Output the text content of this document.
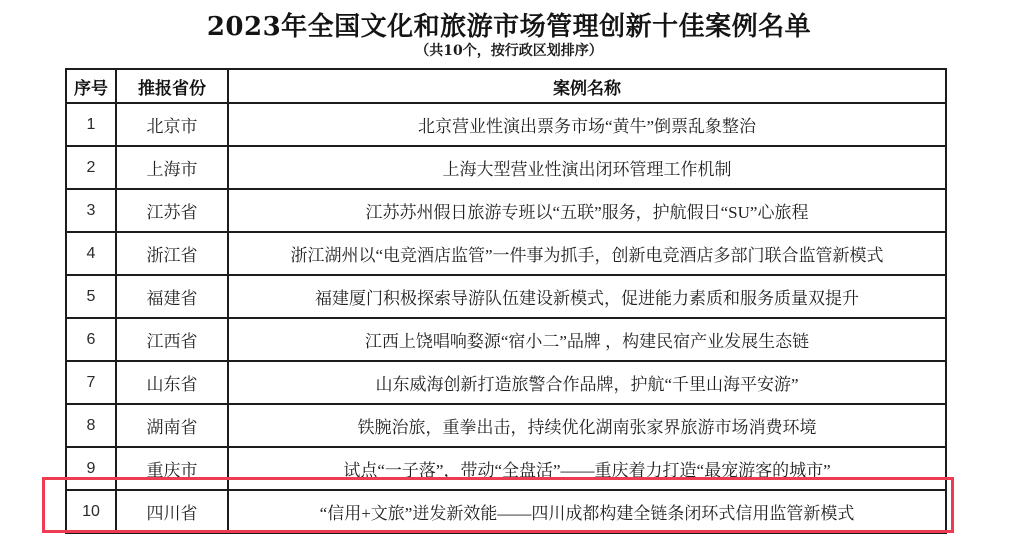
2023年全国文化和旅游市场管理创新十佳案例名单
（共10个，按行政区划排序）
序号	推报省份	案例名称
1	北京市	北京营业性演出票务市场“黄牛”倒票乱象整治
2	上海市	上海大型营业性演出闭环管理工作机制
3	江苏省	江苏苏州假日旅游专班以“五联”服务，护航假日“SU”心旅程
4	浙江省	浙江湖州以“电竞酒店监管”一件事为抓手，创新电竞酒店多部门联合监管新模式
5	福建省	福建厦门积极探索导游队伍建设新模式，促进能力素质和服务质量双提升
6	江西省	江西上饶唱响婺源“宿小二”品牌 ，构建民宿产业发展生态链
7	山东省	山东威海创新打造旅警合作品牌，护航“千里山海平安游”
8	湖南省	铁腕治旅，重拳出击，持续优化湖南张家界旅游市场消费环境
9	重庆市	试点“一子落”，带动“全盘活”——重庆着力打造“最宠游客的城市”
10	四川省	“信用+文旅”迸发新效能——四川成都构建全链条闭环式信用监管新模式
